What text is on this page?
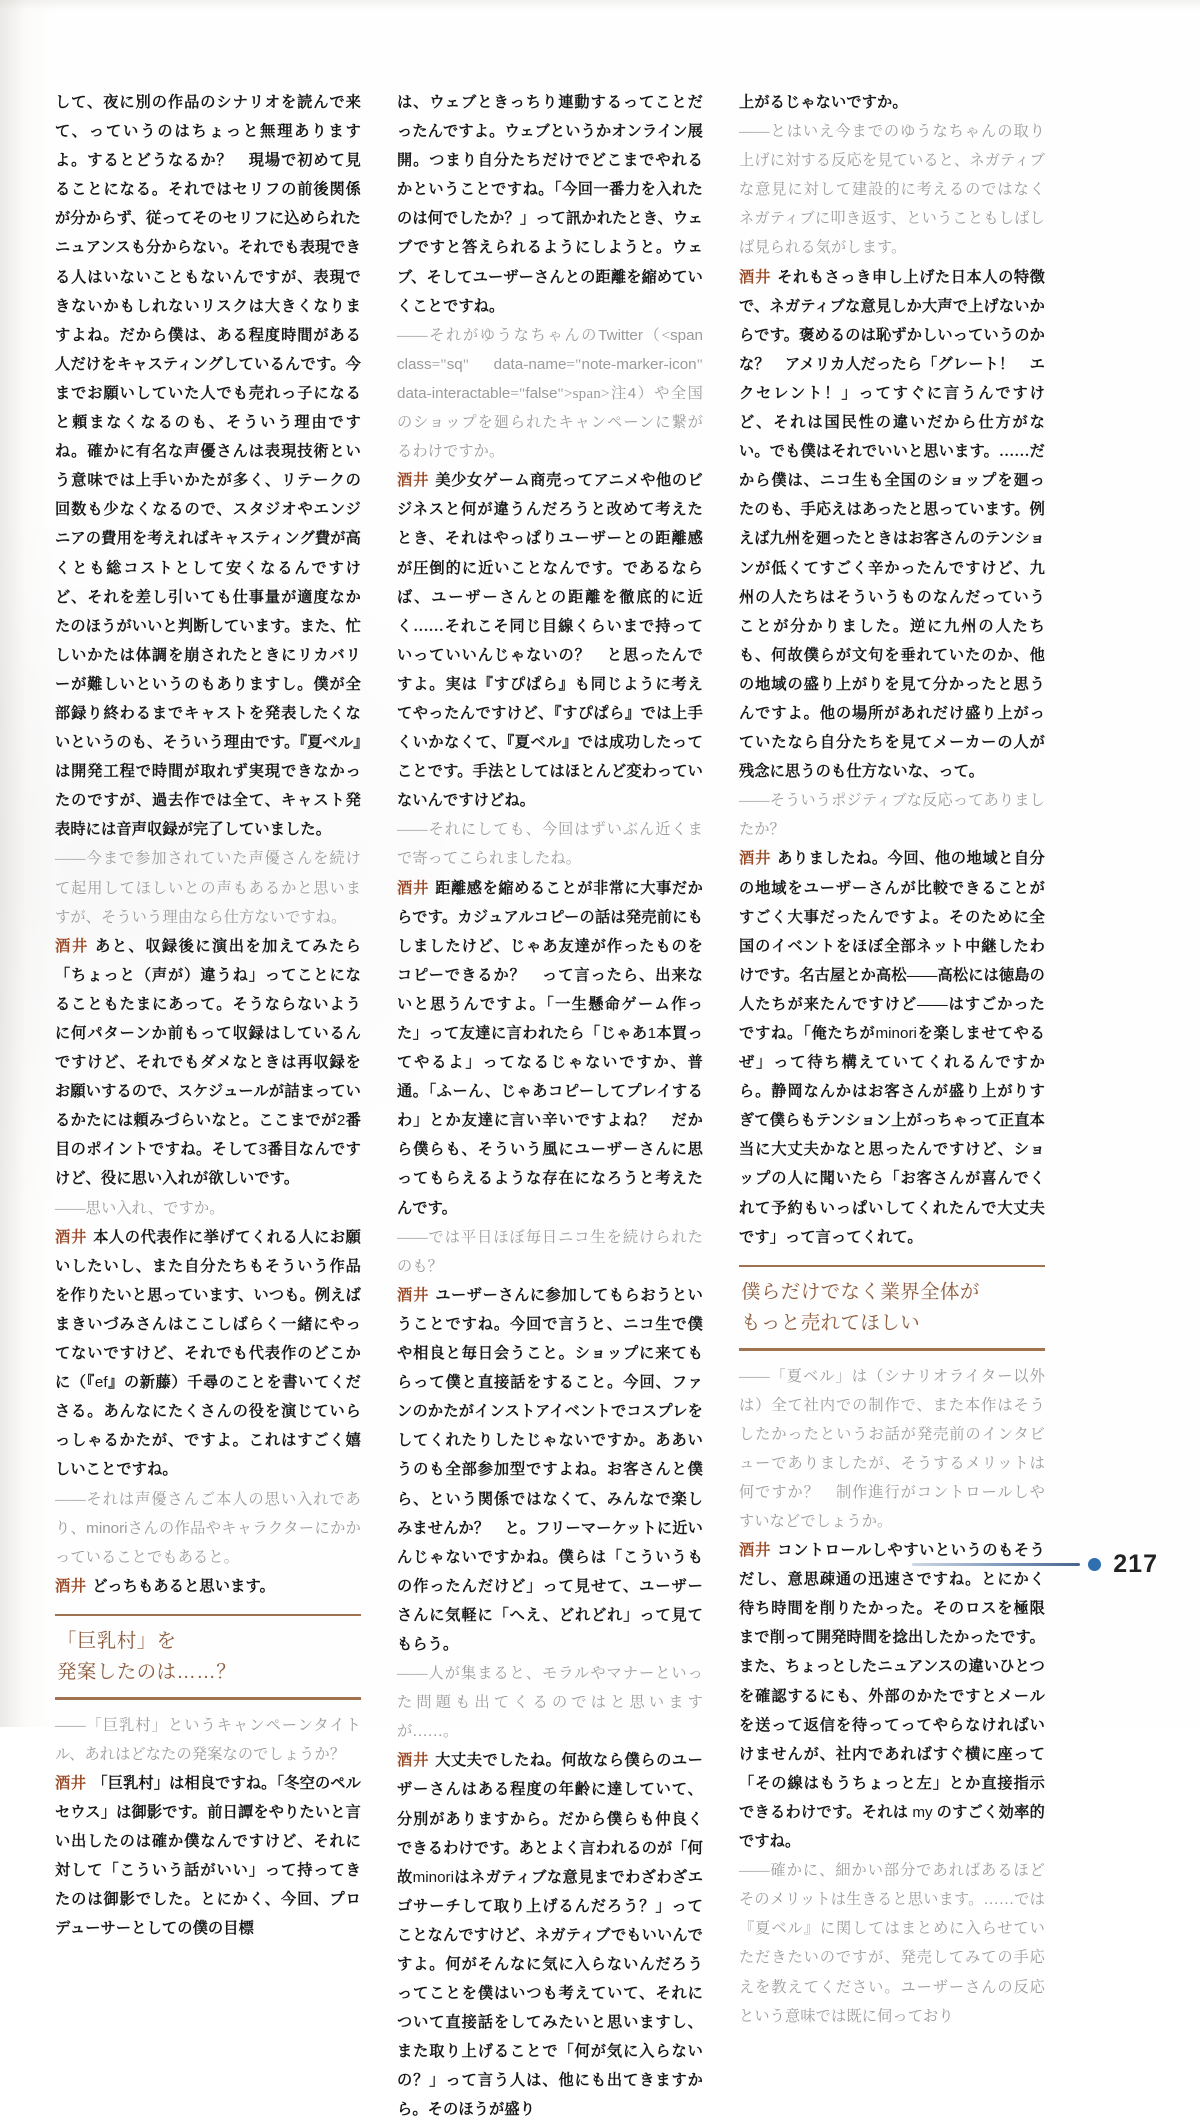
して、夜に別の作品のシナリオを読んで来て、っていうのはちょっと無理ありますよ。するとどうなるか？　現場で初めて見ることになる。それではセリフの前後関係が分からず、従ってそのセリフに込められたニュアンスも分からない。それでも表現できる人はいないこともないんですが、表現できないかもしれないリスクは大きくなりますよね。だから僕は、ある程度時間がある人だけをキャスティングしているんです。今までお願いしていた人でも売れっ子になると頼まなくなるのも、そういう理由ですね。確かに有名な声優さんは表現技術という意味では上手いかたが多く、リテークの回数も少なくなるので、スタジオやエンジニアの費用を考えればキャスティング費が高くとも総コストとして安くなるんですけど、それを差し引いても仕事量が適度なかたのほうがいいと判断しています。また、忙しいかたは体調を崩されたときにリカバリーが難しいというのもありますし。僕が全部録り終わるまでキャストを発表したくないというのも、そういう理由です。『夏ベル』は開発工程で時間が取れず実現できなかったのですが、過去作では全て、キャスト発表時には音声収録が完了していました。

——今まで参加されていた声優さんを続けて起用してほしいとの声もあるかと思いますが、そういう理由なら仕方ないですね。

酒井 あと、収録後に演出を加えてみたら「ちょっと（声が）違うね」ってことになることもたまにあって。そうならないように何パターンか前もって収録はしているんですけど、それでもダメなときは再収録をお願いするので、スケジュールが詰まっているかたには頼みづらいなと。ここまでが2番目のポイントですね。そして3番目なんですけど、役に思い入れが欲しいです。

——思い入れ、ですか。

酒井 本人の代表作に挙げてくれる人にお願いしたいし、また自分たちもそういう作品を作りたいと思っています、いつも。例えばまきいづみさんはここしばらく一緒にやってないですけど、それでも代表作のどこかに（『ef』の新藤）千尋のことを書いてくださる。あんなにたくさんの役を演じていらっしゃるかたが、ですよ。これはすごく嬉しいことですね。

——それは声優さんご本人の思い入れであり、minoriさんの作品やキャラクターにかかっていることでもあると。

酒井 どっちもあると思います。

「巨乳村」を
発案したのは……？

——「巨乳村」というキャンペーンタイトル、あれはどなたの発案なのでしょうか？

酒井 「巨乳村」は相良ですね。「冬空のペルセウス」は御影です。前日譚をやりたいと言い出したのは確か僕なんですけど、それに対して「こういう話がいい」って持ってきたのは御影でした。とにかく、今回、プロデューサーとしての僕の目標

は、ウェブときっちり連動するってことだったんですよ。ウェブというかオンライン展開。つまり自分たちだけでどこまでやれるかということですね。「今回一番力を入れたのは何でしたか？」って訊かれたとき、ウェブですと答えられるようにしようと。ウェブ、そしてユーザーさんとの距離を縮めていくことですね。

——それがゆうなちゃんのTwitter（<span class="sq" data-name="note-marker-icon" data-interactable="false">span>注4）や全国のショップを廻られたキャンペーンに繋がるわけですか。

酒井 美少女ゲーム商売ってアニメや他のビジネスと何が違うんだろうと改めて考えたとき、それはやっぱりユーザーとの距離感が圧倒的に近いことなんです。であるならば、ユーザーさんとの距離を徹底的に近く……それこそ同じ目線くらいまで持っていっていいんじゃないの？　と思ったんですよ。実は『すぴぱら』も同じように考えてやったんですけど、『すぴぱら』では上手くいかなくて、『夏ベル』では成功したってことです。手法としてはほとんど変わっていないんですけどね。

——それにしても、今回はずいぶん近くまで寄ってこられましたね。

酒井 距離感を縮めることが非常に大事だからです。カジュアルコピーの話は発売前にもしましたけど、じゃあ友達が作ったものをコピーできるか？　って言ったら、出来ないと思うんですよ。「一生懸命ゲーム作った」って友達に言われたら「じゃあ1本買ってやるよ」ってなるじゃないですか、普通。「ふーん、じゃあコピーしてプレイするわ」とか友達に言い辛いですよね？　だから僕らも、そういう風にユーザーさんに思ってもらえるような存在になろうと考えたんです。

——では平日ほぼ毎日ニコ生を続けられたのも？

酒井 ユーザーさんに参加してもらおうということですね。今回で言うと、ニコ生で僕や相良と毎日会うこと。ショップに来てもらって僕と直接話をすること。今回、ファンのかたがインストアイベントでコスプレをしてくれたりしたじゃないですか。ああいうのも全部参加型ですよね。お客さんと僕ら、という関係ではなくて、みんなで楽しみませんか？　と。フリーマーケットに近いんじゃないですかね。僕らは「こういうもの作ったんだけど」って見せて、ユーザーさんに気軽に「へえ、どれどれ」って見てもらう。

——人が集まると、モラルやマナーといった問題も出てくるのではと思いますが……。

酒井 大丈夫でしたね。何故なら僕らのユーザーさんはある程度の年齢に達していて、分別がありますから。だから僕らも仲良くできるわけです。あとよく言われるのが「何故minoriはネガティブな意見までわざわざエゴサーチして取り上げるんだろう？」ってことなんですけど、ネガティブでもいいんですよ。何がそんなに気に入らないんだろうってことを僕はいつも考えていて、それについて直接話をしてみたいと思いますし、また取り上げることで「何が気に入らないの？」って言う人は、他にも出てきますから。そのほうが盛り

上がるじゃないですか。

——とはいえ今までのゆうなちゃんの取り上げに対する反応を見ていると、ネガティブな意見に対して建設的に考えるのではなくネガティブに叩き返す、ということもしばしば見られる気がします。

酒井 それもさっき申し上げた日本人の特徴で、ネガティブな意見しか大声で上げないからです。褒めるのは恥ずかしいっていうのかな？　アメリカ人だったら「グレート！　エクセレント！」ってすぐに言うんですけど、それは国民性の違いだから仕方がない。でも僕はそれでいいと思います。……だから僕は、ニコ生も全国のショップを廻ったのも、手応えはあったと思っています。例えば九州を廻ったときはお客さんのテンションが低くてすごく辛かったんですけど、九州の人たちはそういうものなんだっていうことが分かりました。逆に九州の人たちも、何故僕らが文句を垂れていたのか、他の地域の盛り上がりを見て分かったと思うんですよ。他の場所があれだけ盛り上がっていたなら自分たちを見てメーカーの人が残念に思うのも仕方ないな、って。

——そういうポジティブな反応ってありましたか？

酒井 ありましたね。今回、他の地域と自分の地域をユーザーさんが比較できることがすごく大事だったんですよ。そのために全国のイベントをほぼ全部ネット中継したわけです。名古屋とか高松——高松には徳島の人たちが来たんですけど——はすごかったですね。「俺たちがminoriを楽しませてやるぜ」って待ち構えていてくれるんですから。静岡なんかはお客さんが盛り上がりすぎて僕らもテンション上がっちゃって正直本当に大丈夫かなと思ったんですけど、ショップの人に聞いたら「お客さんが喜んでくれて予約もいっぱいしてくれたんで大丈夫です」って言ってくれて。

僕らだけでなく業界全体が
もっと売れてほしい

——「夏ベル」は（シナリオライター以外は）全て社内での制作で、また本作はそうしたかったというお話が発売前のインタビューでありましたが、そうするメリットは何ですか？　制作進行がコントロールしやすいなどでしょうか。

酒井 コントロールしやすいというのもそうだし、意思疎通の迅速さですね。とにかく待ち時間を削りたかった。そのロスを極限まで削って開発時間を捻出したかったです。また、ちょっとしたニュアンスの違いひとつを確認するにも、外部のかたですとメールを送って返信を待ってってやらなければいけませんが、社内であればすぐ横に座って「その線はもうちょっと左」とか直接指示できるわけです。それは my のすごく効率的ですね。

——確かに、細かい部分であればあるほどそのメリットは生きると思います。……では『夏ベル』に関してはまとめに入らせていただきたいのですが、発売してみての手応えを教えてください。ユーザーさんの反応という意味では既に伺っており

217
